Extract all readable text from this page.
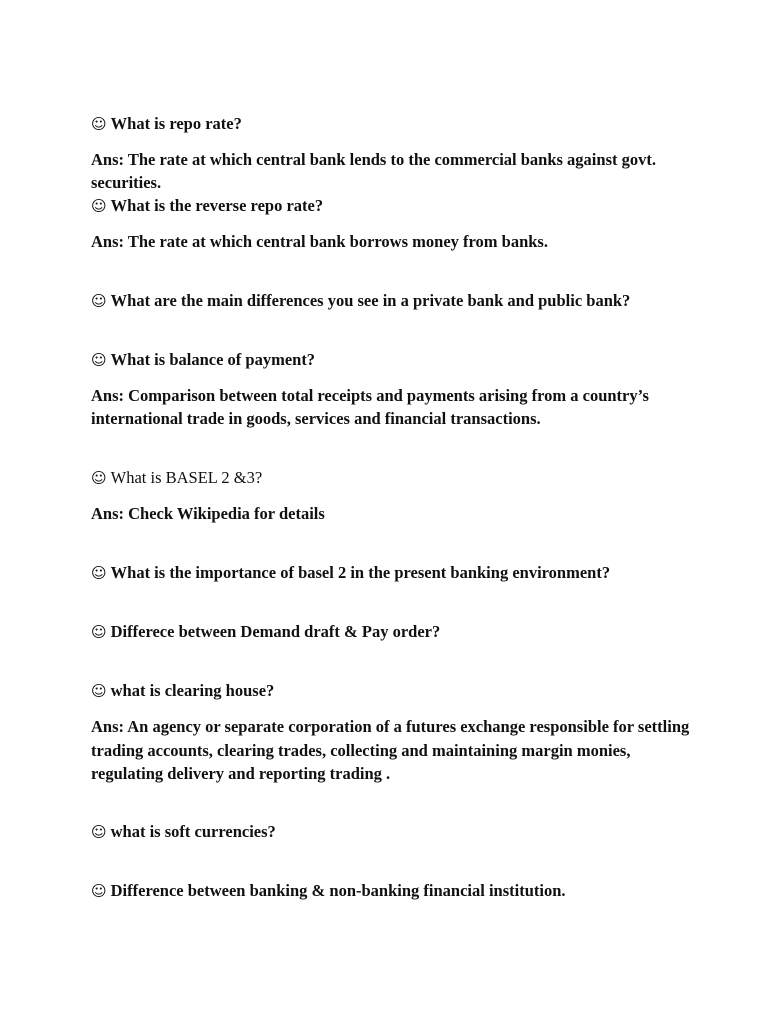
☺ What is repo rate?
Ans: The rate at which central bank lends to the commercial banks against govt. securities.
☺ What is the reverse repo rate?
Ans: The rate at which central bank borrows money from banks.
☺ What are the main differences you see in a private bank and public bank?
☺ What is balance of payment?
Ans: Comparison between total receipts and payments arising from a country’s international trade in goods, services and financial transactions.
☺ What is BASEL 2 &3?
Ans: Check Wikipedia for details
☺ What is the importance of basel 2 in the present banking environment?
☺ Differece between Demand draft & Pay order?
☺ what is clearing house?
Ans: An agency or separate corporation of a futures exchange responsible for settling trading accounts, clearing trades, collecting and maintaining margin monies, regulating delivery and reporting trading .
☺ what is soft currencies?
☺ Difference between banking & non-banking financial institution.
